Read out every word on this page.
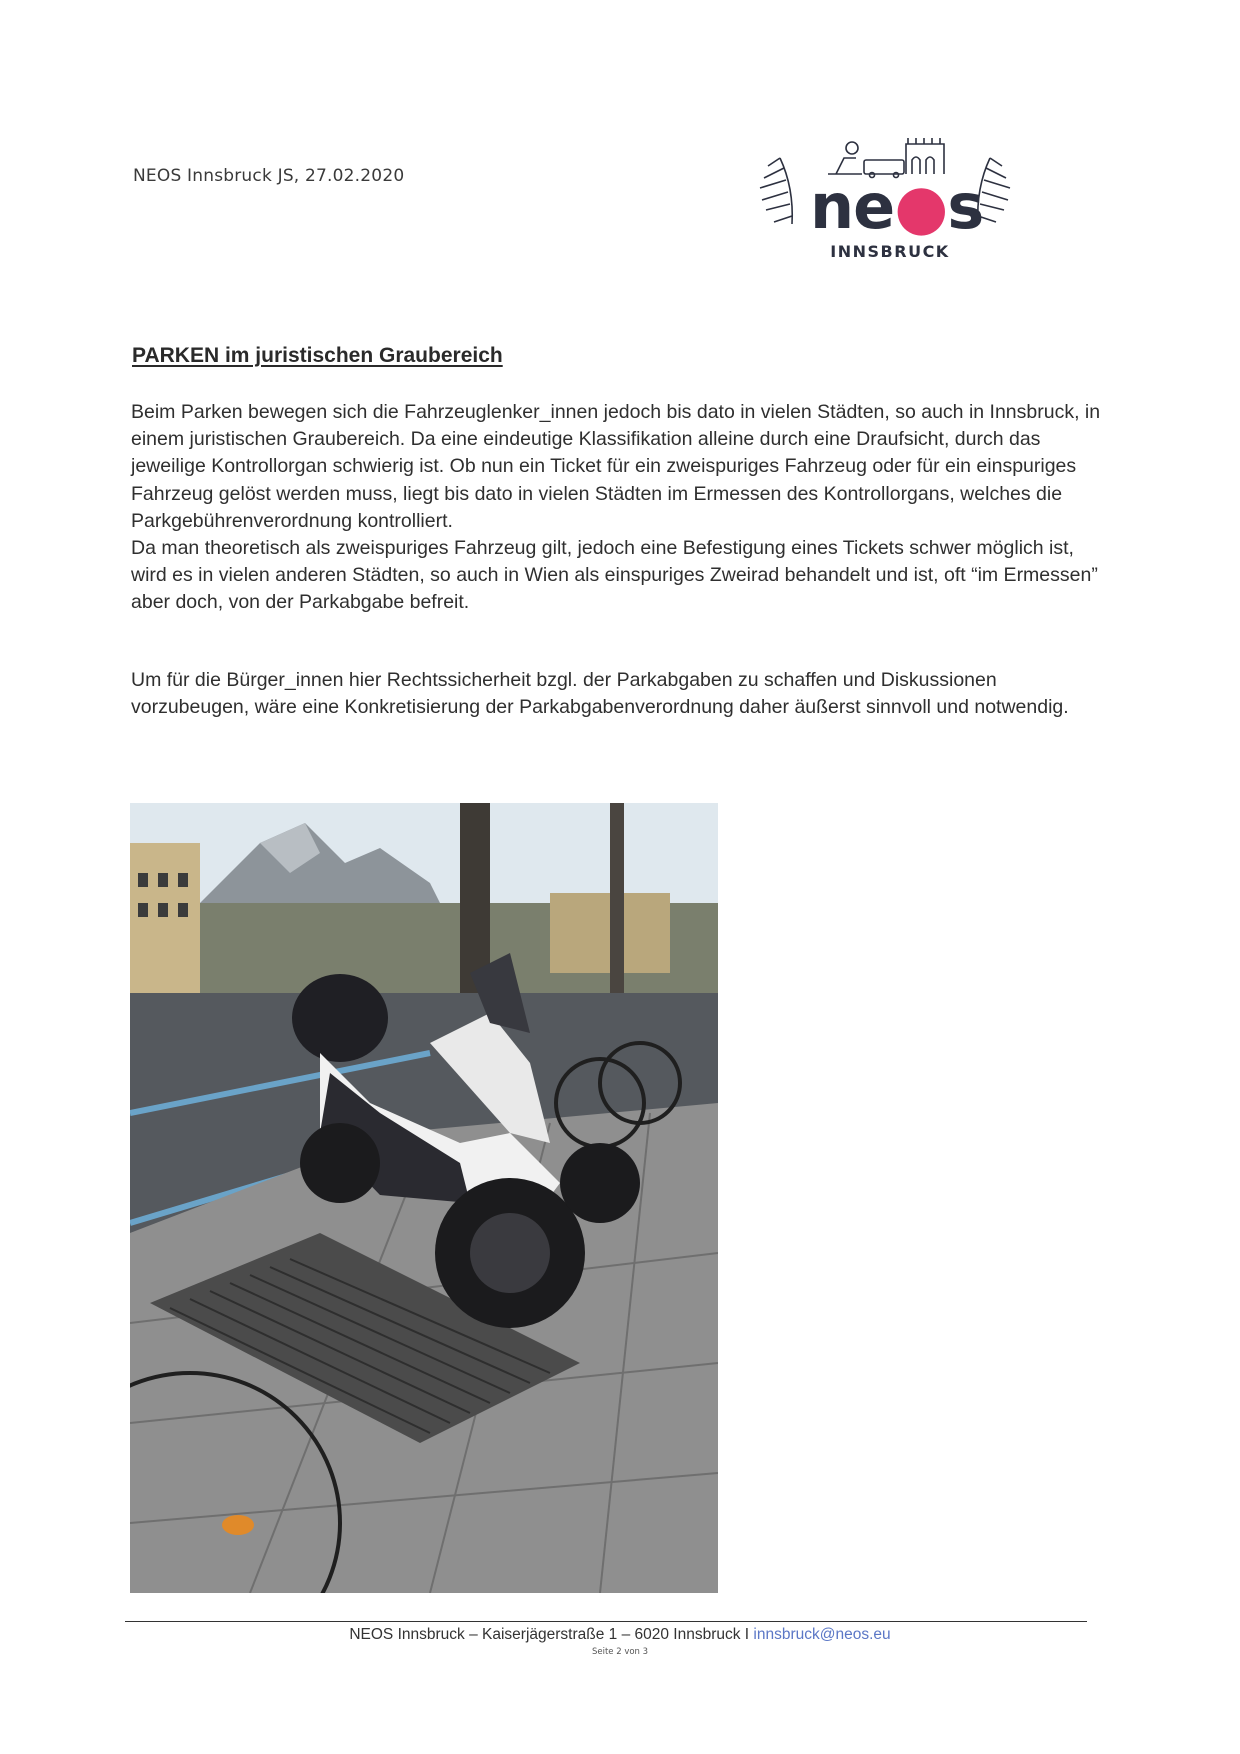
NEOS Innsbruck JS, 27.02.2020	ne●s
INNSBRUCK
PARKEN im juristischen Graubereich

Beim Parken bewegen sich die Fahrzeuglenker_innen jedoch bis dato in vielen Städten, so auch in Innsbruck, in einem juristischen Graubereich. Da eine eindeutige Klassifikation alleine durch eine Draufsicht, durch das jeweilige Kontrollorgan schwierig ist. Ob nun ein Ticket für ein zweispuriges Fahrzeug oder für ein einspuriges Fahrzeug gelöst werden muss, liegt bis dato in vielen Städten im Ermessen des Kontrollorgans, welches die Parkgebührenverordnung kontrolliert.

Da man theoretisch als zweispuriges Fahrzeug gilt, jedoch eine Befestigung eines Tickets schwer möglich ist, wird es in vielen anderen Städten, so auch in Wien als einspuriges Zweirad behandelt und ist, oft “im Ermessen” aber doch, von der Parkabgabe befreit.

Um für die Bürger_innen hier Rechtssicherheit bzgl. der Parkabgaben zu schaffen und Diskussionen vorzubeugen, wäre eine Konkretisierung der Parkabgabenverordnung daher äußerst sinnvoll und notwendig.
NEOS Innsbruck – Kaiserjägerstraße 1 – 6020 Innsbruck I innsbruck@neos.eu
Seite 2 von 3
